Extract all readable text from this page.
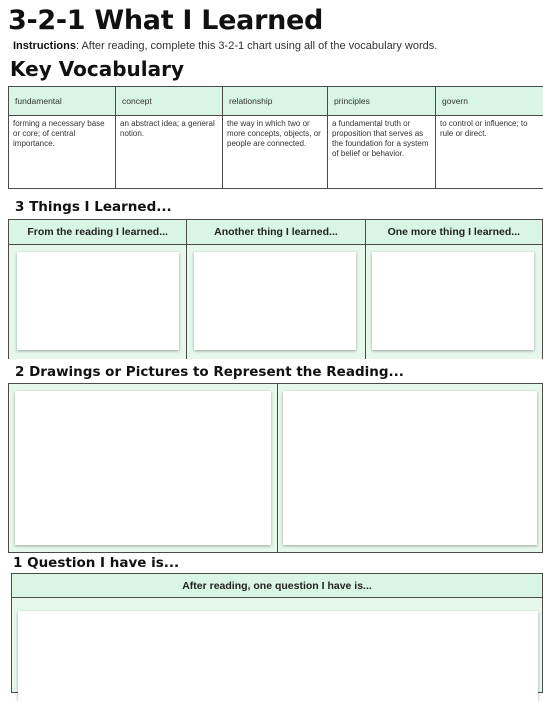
3-2-1 What I Learned
Instructions: After reading, complete this 3-2-1 chart using all of the vocabulary words.
Key Vocabulary
fundamental	concept	relationship	principles	govern
forming a necessary base or core; of central importance.	an abstract idea; a general notion.	the way in which two or more concepts, objects, or people are connected.	a fundamental truth or proposition that serves as the foundation for a system of belief or behavior.	to control or influence; to rule or direct.
3 Things I Learned...
From the reading I learned...	Another thing I learned...	One more thing I learned...
2 Drawings or Pictures to Represent the Reading...
1 Question I have is...
After reading, one question I have is...
